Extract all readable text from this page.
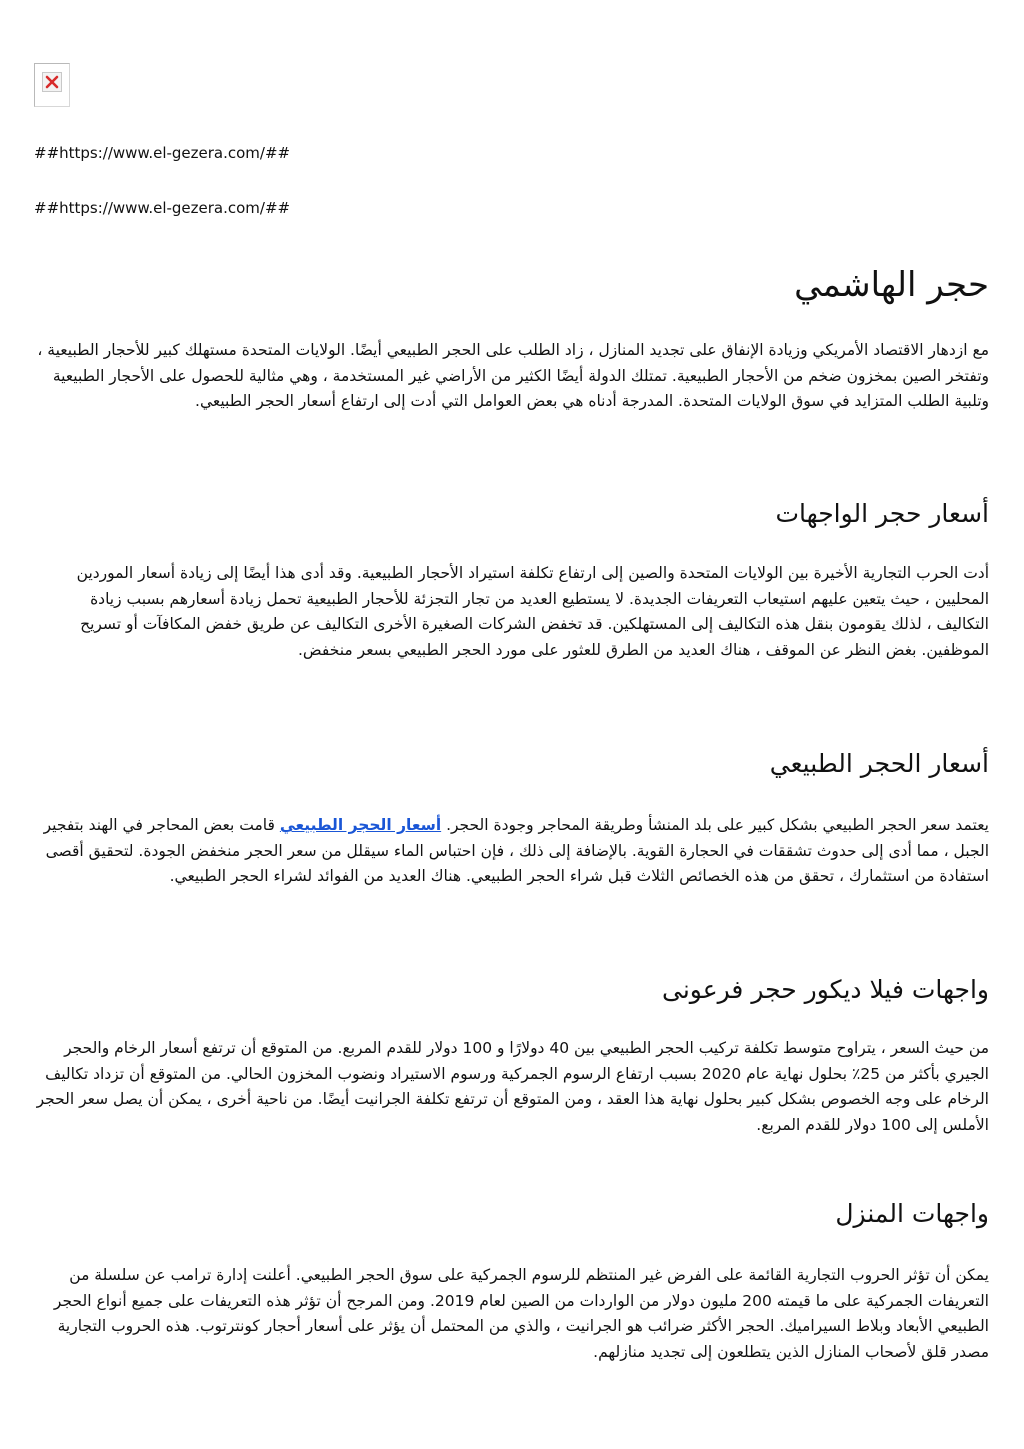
##https://www.el-gezera.com/##
##https://www.el-gezera.com/##
حجر الهاشمي

مع ازدهار الاقتصاد الأمريكي وزيادة الإنفاق على تجديد المنازل ، زاد الطلب على الحجر الطبيعي أيضًا. الولايات المتحدة مستهلك كبير للأحجار الطبيعية ، وتفتخر الصين بمخزون ضخم من الأحجار الطبيعية. تمتلك الدولة أيضًا الكثير من الأراضي غير المستخدمة ، وهي مثالية للحصول على الأحجار الطبيعية وتلبية الطلب المتزايد في سوق الولايات المتحدة. المدرجة أدناه هي بعض العوامل التي أدت إلى ارتفاع أسعار الحجر الطبيعي.

أسعار حجر الواجهات

أدت الحرب التجارية الأخيرة بين الولايات المتحدة والصين إلى ارتفاع تكلفة استيراد الأحجار الطبيعية. وقد أدى هذا أيضًا إلى زيادة أسعار الموردين المحليين ، حيث يتعين عليهم استيعاب التعريفات الجديدة. لا يستطيع العديد من تجار التجزئة للأحجار الطبيعية تحمل زيادة أسعارهم بسبب زيادة التكاليف ، لذلك يقومون بنقل هذه التكاليف إلى المستهلكين. قد تخفض الشركات الصغيرة الأخرى التكاليف عن طريق خفض المكافآت أو تسريح الموظفين. بغض النظر عن الموقف ، هناك العديد من الطرق للعثور على مورد الحجر الطبيعي بسعر منخفض.

أسعار الحجر الطبيعي

يعتمد سعر الحجر الطبيعي بشكل كبير على بلد المنشأ وطريقة المحاجر وجودة الحجر. أسعار الحجر الطبيعي قامت بعض المحاجر في الهند بتفجير الجبل ، مما أدى إلى حدوث تشققات في الحجارة القوية. بالإضافة إلى ذلك ، فإن احتباس الماء سيقلل من سعر الحجر منخفض الجودة. لتحقيق أقصى استفادة من استثمارك ، تحقق من هذه الخصائص الثلاث قبل شراء الحجر الطبيعي. هناك العديد من الفوائد لشراء الحجر الطبيعي.

واجهات فيلا ديكور حجر فرعونى

من حيث السعر ، يتراوح متوسط تكلفة تركيب الحجر الطبيعي بين 40 دولارًا و 100 دولار للقدم المربع. من المتوقع أن ترتفع أسعار الرخام والحجر الجيري بأكثر من 25٪ بحلول نهاية عام 2020 بسبب ارتفاع الرسوم الجمركية ورسوم الاستيراد ونضوب المخزون الحالي. من المتوقع أن تزداد تكاليف الرخام على وجه الخصوص بشكل كبير بحلول نهاية هذا العقد ، ومن المتوقع أن ترتفع تكلفة الجرانيت أيضًا. من ناحية أخرى ، يمكن أن يصل سعر الحجر الأملس إلى 100 دولار للقدم المربع.

واجهات المنزل

يمكن أن تؤثر الحروب التجارية القائمة على الفرض غير المنتظم للرسوم الجمركية على سوق الحجر الطبيعي. أعلنت إدارة ترامب عن سلسلة من التعريفات الجمركية على ما قيمته 200 مليون دولار من الواردات من الصين لعام 2019. ومن المرجح أن تؤثر هذه التعريفات على جميع أنواع الحجر الطبيعي الأبعاد وبلاط السيراميك. الحجر الأكثر ضرائب هو الجرانيت ، والذي من المحتمل أن يؤثر على أسعار أحجار كونترتوب. هذه الحروب التجارية مصدر قلق لأصحاب المنازل الذين يتطلعون إلى تجديد منازلهم.
